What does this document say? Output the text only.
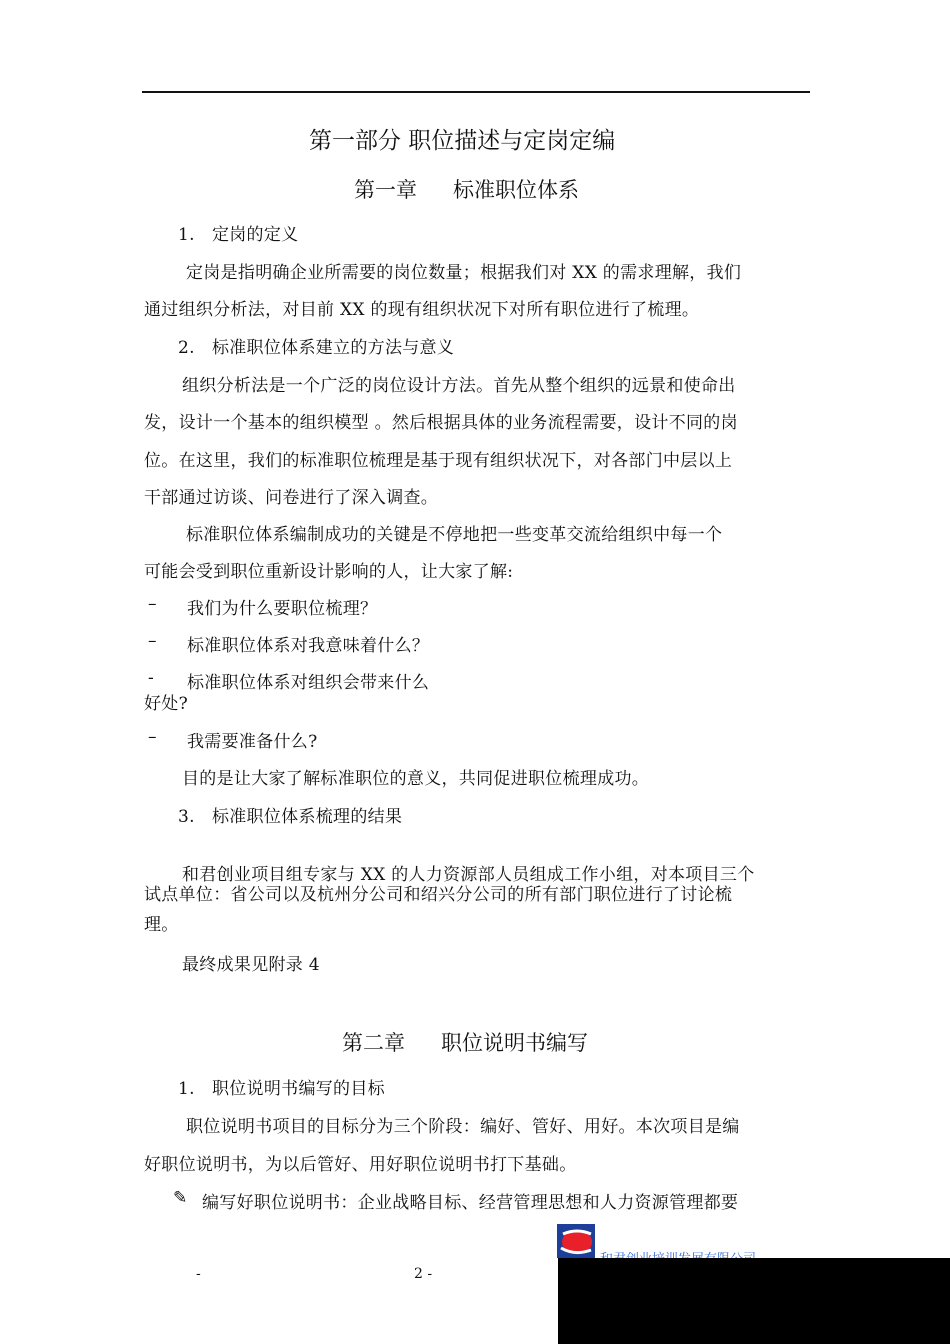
第一部分 职位描述与定岗定编
第一章 标准职位体系
1. 定岗的定义
定岗是指明确企业所需要的岗位数量；根据我们对 XX 的需求理解，我们
通过组织分析法，对目前 XX 的现有组织状况下对所有职位进行了梳理。
2. 标准职位体系建立的方法与意义
组织分析法是一个广泛的岗位设计方法。首先从整个组织的远景和使命出
发，设计一个基本的组织模型 。然后根据具体的业务流程需要，设计不同的岗
位。在这里，我们的标准职位梳理是基于现有组织状况下，对各部门中层以上
干部通过访谈、问卷进行了深入调查。
标准职位体系编制成功的关键是不停地把一些变革交流给组织中每一个
可能会受到职位重新设计影响的人，让大家了解:
– 我们为什么要职位梳理？
– 标准职位体系对我意味着什么？
- 标准职位体系对组织会带来什么
好处?
– 我需要准备什么?
目的是让大家了解标准职位的意义，共同促进职位梳理成功。
3. 标准职位体系梳理的结果
和君创业项目组专家与 XX 的人力资源部人员组成工作小组，对本项目三个
试点单位：省公司以及杭州分公司和绍兴分公司的所有部门职位进行了讨论梳
理。
最终成果见附录 4
第二章 职位说明书编写
1. 职位说明书编写的目标
职位说明书项目的目标分为三个阶段：编好、管好、用好。本次项目是编
好职位说明书，为以后管好、用好职位说明书打下基础。
✎ 编写好职位说明书：企业战略目标、经营管理思想和人力资源管理都要
-	2 -
